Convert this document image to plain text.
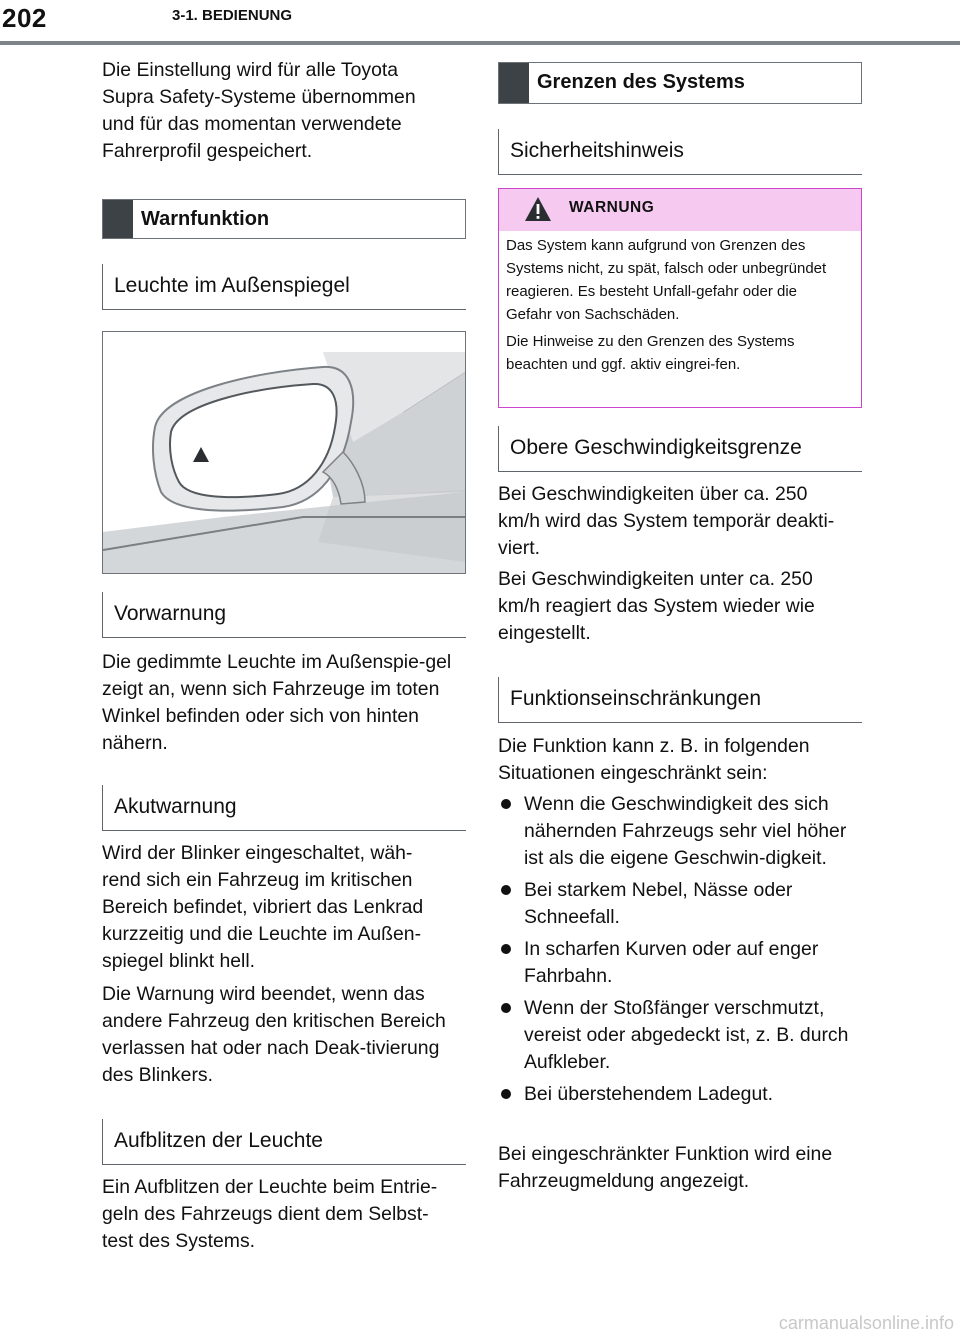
202	3-1. BEDIENUNG

Die Einstellung wird für alle Toyota Supra Safety-Systeme übernommen und für das momentan verwendete Fahrerprofil gespeichert.

Warnfunktion
Leuchte im Außenspiegel
Vorwarnung

Die gedimmte Leuchte im Außenspie-gel zeigt an, wenn sich Fahrzeuge im toten Winkel befinden oder sich von hinten nähern.

Akutwarnung

Wird der Blinker eingeschaltet, wäh-rend sich ein Fahrzeug im kritischen Bereich befindet, vibriert das Lenkrad kurzzeitig und die Leuchte im Außen-spiegel blinkt hell.

Die Warnung wird beendet, wenn das andere Fahrzeug den kritischen Bereich verlassen hat oder nach Deak-tivierung des Blinkers.

Aufblitzen der Leuchte

Ein Aufblitzen der Leuchte beim Entrie-geln des Fahrzeugs dient dem Selbst-test des Systems.

Grenzen des Systems
Sicherheitshinweis
WARNUNG

Das System kann aufgrund von Grenzen des Systems nicht, zu spät, falsch oder unbegründet reagieren. Es besteht Unfall-gefahr oder die Gefahr von Sachschäden.

Die Hinweise zu den Grenzen des Systems beachten und ggf. aktiv eingrei-fen.

Obere Geschwindigkeitsgrenze

Bei Geschwindigkeiten über ca. 250 km/h wird das System temporär deakti-viert.

Bei Geschwindigkeiten unter ca. 250 km/h reagiert das System wieder wie eingestellt.

Funktionseinschränkungen

Die Funktion kann z. B. in folgenden Situationen eingeschränkt sein:

Wenn die Geschwindigkeit des sich nähernden Fahrzeugs sehr viel höher ist als die eigene Geschwin-digkeit.
Bei starkem Nebel, Nässe oder Schneefall.
In scharfen Kurven oder auf enger Fahrbahn.
Wenn der Stoßfänger verschmutzt, vereist oder abgedeckt ist, z. B. durch Aufkleber.
Bei überstehendem Ladegut.

Bei eingeschränkter Funktion wird eine Fahrzeugmeldung angezeigt.

carmanualsonline.info
